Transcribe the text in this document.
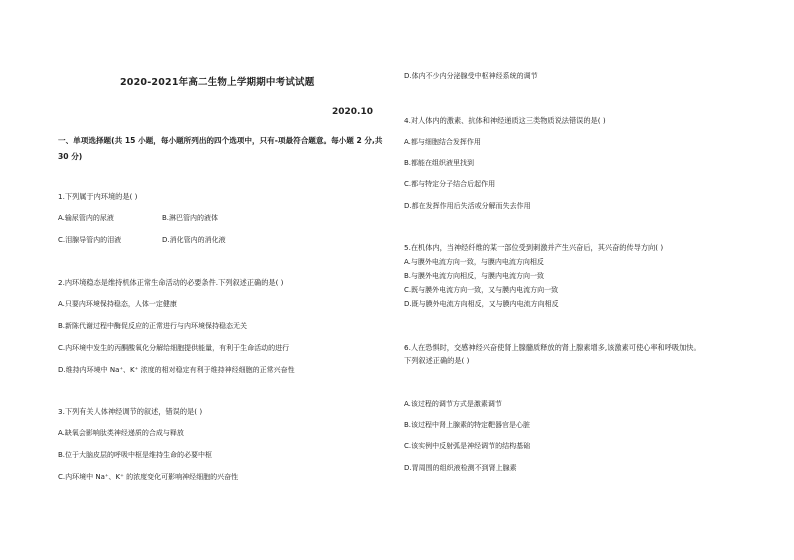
2020-2021年高二生物上学期期中考试试题
2020.10
一、单项选择题(共 15 小题，每小题所列出的四个选项中，只有-项最符合题意。每小题 2 分,共
30 分)
1.下列属于内环境的是( )
A.输尿管内的尿液	B.淋巴管内的液体
C.泪腺导管内的泪液	D.消化管内的消化液
2.内环境稳态是维持机体正常生命活动的必要条件.下列叙述正确的是( )
A.只要内环境保持稳态，人体一定健康
B.新陈代谢过程中酶促反应的正常进行与内环境保持稳态无关
C.内环境中发生的丙酮酸氧化分解给细胞提供能量，有利于生命活动的进行
D.维持内环境中 Na⁺、K⁺ 浓度的相对稳定有利于维持神经细胞的正常兴奋性
3.下列有关人体神经调节的叙述，错误的是( )
A.缺氧会影响肽类神经递质的合成与释放
B.位于大脑皮层的呼吸中枢是维持生命的必要中枢
C.内环境中 Na⁺、K⁺ 的浓度变化可影响神经细胞的兴奋性
D.体内不少内分泌腺受中枢神经系统的调节
4.对人体内的激素、抗体和神经递质这三类物质说法错误的是( )
A.都与细胞结合发挥作用
B.都能在组织液里找到
C.都与特定分子结合后起作用
D.都在发挥作用后失活或分解而失去作用
5.在机体内，当神经纤维的某一部位受到刺激并产生兴奋后，其兴奋的传导方向( )
A.与膜外电流方向一致，与膜内电流方向相反
B.与膜外电流方向相反，与膜内电流方向一致
C.既与膜外电流方向一致，又与膜内电流方向一致
D.既与膜外电流方向相反，又与膜内电流方向相反
6.人在恐惧时，交感神经兴奋使肾上腺髓质释放的肾上腺素增多,该激素可使心率和呼吸加快。
下列叙述正确的是( )
A.该过程的调节方式是激素调节
B.该过程中肾上腺素的特定靶器官是心脏
C.该实例中反射弧是神经调节的结构基础
D.胃周围的组织液检测不到肾上腺素
